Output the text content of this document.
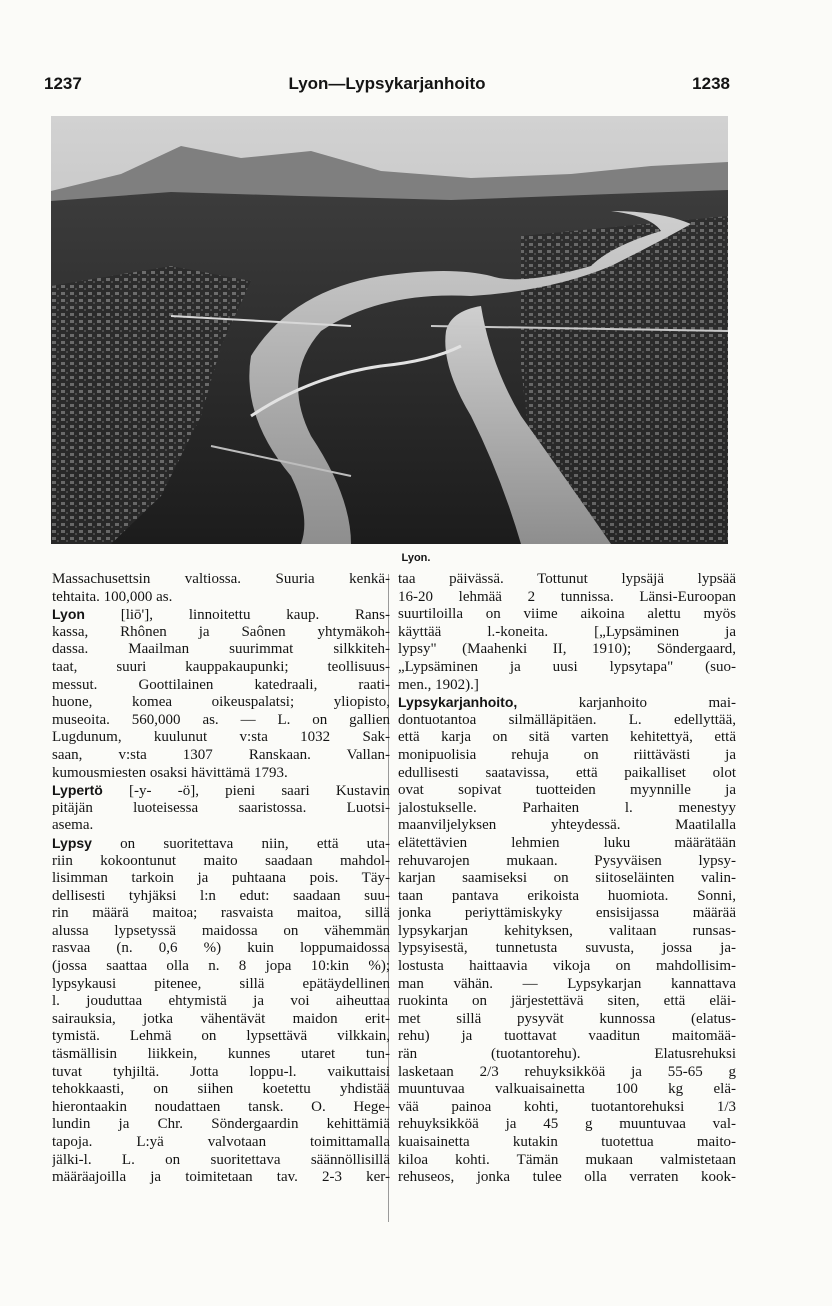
1237	Lyon—Lypsykarjanhoito	1238
Lyon.
Massachusettsin valtiossa. Suuria kenkä-
tehtaita. 100,000 as.
Lyon [liō'], linnoitettu kaup. Rans-
kassa, Rhônen ja Saônen yhtymäkoh-
dassa. Maailman suurimmat silkkiteh-
taat, suuri kauppakaupunki; teollisuus-
messut. Goottilainen katedraali, raati-
huone, komea oikeuspalatsi; yliopisto,
museoita. 560,000 as. — L. on gallien
Lugdunum, kuulunut v:sta 1032 Sak-
saan, v:sta 1307 Ranskaan. Vallan-
kumousmiesten osaksi hävittämä 1793.
Lypertö [-y- -ö], pieni saari Kustavin
pitäjän luoteisessa saaristossa. Luotsi-
asema.
Lypsy on suoritettava niin, että uta-
riin kokoontunut maito saadaan mahdol-
lisimman tarkoin ja puhtaana pois. Täy-
dellisesti tyhjäksi l:n edut: saadaan suu-
rin määrä maitoa; rasvaista maitoa, sillä
alussa lypsetyssä maidossa on vähemmän
rasvaa (n. 0,6 %) kuin loppumaidossa
(jossa saattaa olla n. 8 jopa 10:kin %);
lypsykausi pitenee, sillä epätäydellinen
l. jouduttaa ehtymistä ja voi aiheuttaa
sairauksia, jotka vähentävät maidon erit-
tymistä. Lehmä on lypsettävä vilkkain,
täsmällisin liikkein, kunnes utaret tun-
tuvat tyhjiltä. Jotta loppu-l. vaikuttaisi
tehokkaasti, on siihen koetettu yhdistää
hierontaakin noudattaen tansk. O. Hege-
lundin ja Chr. Söndergaardin kehittämiä
tapoja. L:yä valvotaan toimittamalla
jälki-l. L. on suoritettava säännöllisillä
määräajoilla ja toimitetaan tav. 2-3 ker-
taa päivässä. Tottunut lypsäjä lypsää
16-20 lehmää 2 tunnissa. Länsi-Euroopan
suurtiloilla on viime aikoina alettu myös
käyttää l.-koneita. [„Lypsäminen ja
lypsy" (Maahenki II, 1910); Söndergaard,
„Lypsäminen ja uusi lypsytapa" (suo-
men., 1902).]
Lypsykarjanhoito, karjanhoito mai-
dontuotantoa silmälläpitäen. L. edellyttää,
että karja on sitä varten kehitettyä, että
monipuolisia rehuja on riittävästi ja
edullisesti saatavissa, että paikalliset olot
ovat sopivat tuotteiden myynnille ja
jalostukselle. Parhaiten l. menestyy
maanviljelyksen yhteydessä. Maatilalla
elätettävien lehmien luku määrätään
rehuvarojen mukaan. Pysyväisen lypsy-
karjan saamiseksi on siitoseläinten valin-
taan pantava erikoista huomiota. Sonni,
jonka periyttämiskyky ensisijassa määrää
lypsykarjan kehityksen, valitaan runsas-
lypsyisestä, tunnetusta suvusta, jossa ja-
lostusta haittaavia vikoja on mahdollisim-
man vähän. — Lypsykarjan kannattava
ruokinta on järjestettävä siten, että eläi-
met sillä pysyvät kunnossa (elatus-
rehu) ja tuottavat vaaditun maitomää-
rän (tuotantorehu). Elatusrehuksi
lasketaan 2/3 rehuyksikköä ja 55-65 g
muuntuvaa valkuaisainetta 100 kg elä-
vää painoa kohti, tuotantorehuksi 1/3
rehuyksikköä ja 45 g muuntuvaa val-
kuaisainetta kutakin tuotettua maito-
kiloa kohti. Tämän mukaan valmistetaan
rehuseos, jonka tulee olla verraten kook-
